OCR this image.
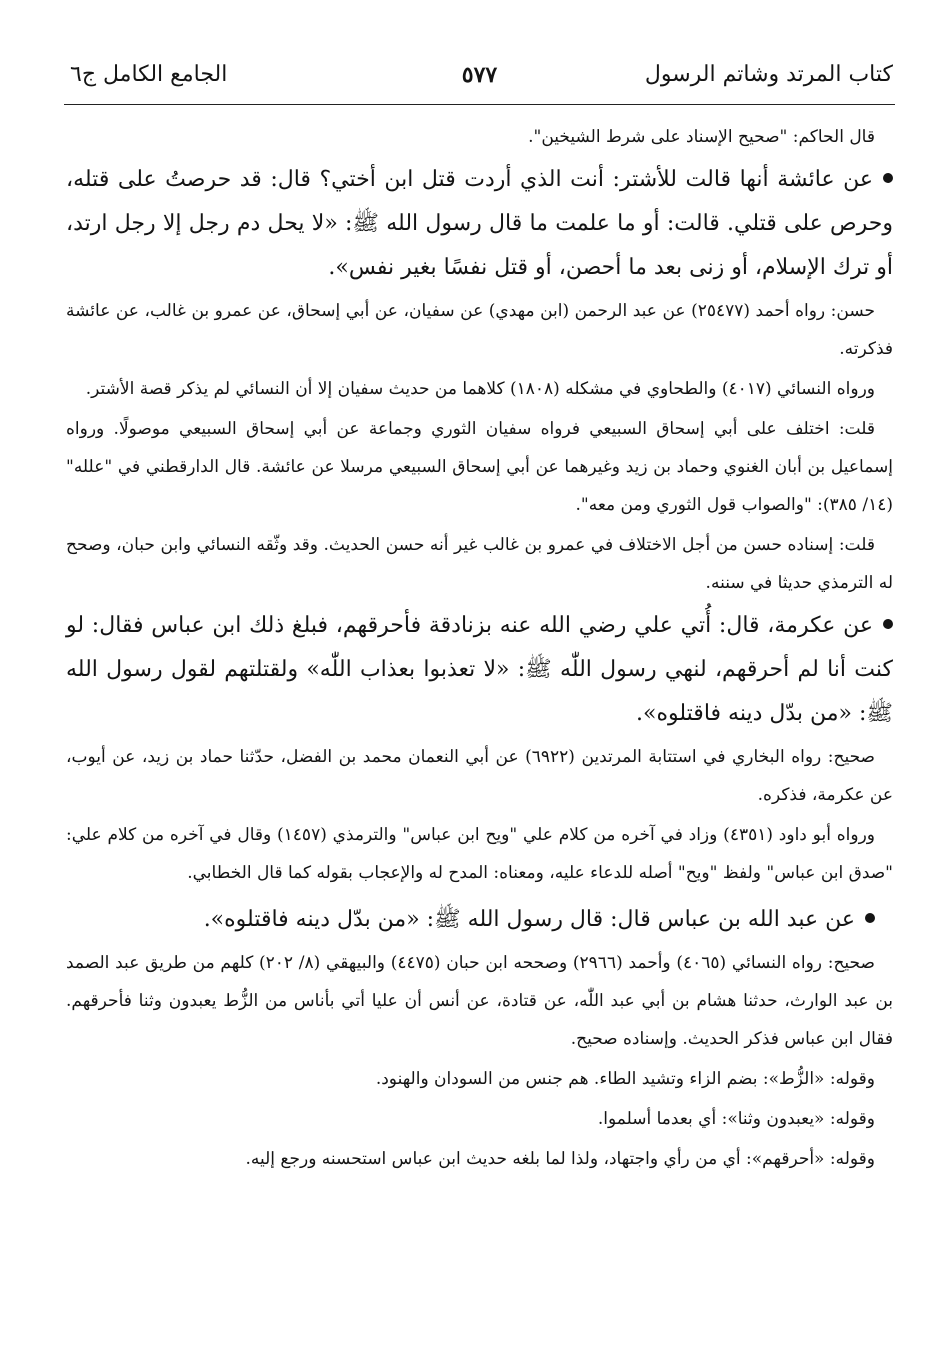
كتاب المرتد وشاتم الرسول
٥٧٧
الجامع الكامل ج٦

قال الحاكم: "صحيح الإسناد على شرط الشيخين".

عن عائشة أنها قالت للأشتر: أنت الذي أردت قتل ابن أختي؟ قال: قد حرصتُ على قتله، وحرص على قتلي. قالت: أو ما علمت ما قال رسول الله ﷺ: «لا يحل دم رجل إلا رجل ارتد، أو ترك الإسلام، أو زنى بعد ما أحصن، أو قتل نفسًا بغير نفس».

حسن: رواه أحمد (٢٥٤٧٧) عن عبد الرحمن (ابن مهدي) عن سفيان، عن أبي إسحاق، عن عمرو بن غالب، عن عائشة فذكرته.

ورواه النسائي (٤٠١٧) والطحاوي في مشكله (١٨٠٨) كلاهما من حديث سفيان إلا أن النسائي لم يذكر قصة الأشتر.

قلت: اختلف على أبي إسحاق السبيعي فرواه سفيان الثوري وجماعة عن أبي إسحاق السبيعي موصولًا. ورواه إسماعيل بن أبان الغنوي وحماد بن زيد وغيرهما عن أبي إسحاق السبيعي مرسلا عن عائشة. قال الدارقطني في "علله" (١٤/ ٣٨٥): "والصواب قول الثوري ومن معه".

قلت: إسناده حسن من أجل الاختلاف في عمرو بن غالب غير أنه حسن الحديث. وقد وثّقه النسائي وابن حبان، وصحح له الترمذي حديثا في سننه.

عن عكرمة، قال: أُتي علي رضي الله عنه بزنادقة فأحرقهم، فبلغ ذلك ابن عباس فقال: لو كنت أنا لم أحرقهم، لنهي رسول اللّٰه ﷺ: «لا تعذبوا بعذاب اللّٰه» ولقتلتهم لقول رسول الله ﷺ: «من بدّل دينه فاقتلوه».

صحيح: رواه البخاري في استتابة المرتدين (٦٩٢٢) عن أبي النعمان محمد بن الفضل، حدّثنا حماد بن زيد، عن أيوب، عن عكرمة، فذكره.

ورواه أبو داود (٤٣٥١) وزاد في آخره من كلام علي "ويح ابن عباس" والترمذي (١٤٥٧) وقال في آخره من كلام علي: "صدق ابن عباس" ولفظ "ويح" أصله للدعاء عليه، ومعناه: المدح له والإعجاب بقوله كما قال الخطابي.

عن عبد الله بن عباس قال: قال رسول الله ﷺ: «من بدّل دينه فاقتلوه».

صحيح: رواه النسائي (٤٠٦٥) وأحمد (٢٩٦٦) وصححه ابن حبان (٤٤٧٥) والبيهقي (٨/ ٢٠٢) كلهم من طريق عبد الصمد بن عبد الوارث، حدثنا هشام بن أبي عبد اللّٰه، عن قتادة، عن أنس أن عليا أتي بأناس من الزُّط يعبدون وثنا فأحرقهم. فقال ابن عباس فذكر الحديث. وإسناده صحيح.

وقوله: «الزُّط»: بضم الزاء وتشيد الطاء. هم جنس من السودان والهنود.

وقوله: «يعبدون وثنا»: أي بعدما أسلموا.

وقوله: «أحرقهم»: أي من رأي واجتهاد، ولذا لما بلغه حديث ابن عباس استحسنه ورجع إليه.
